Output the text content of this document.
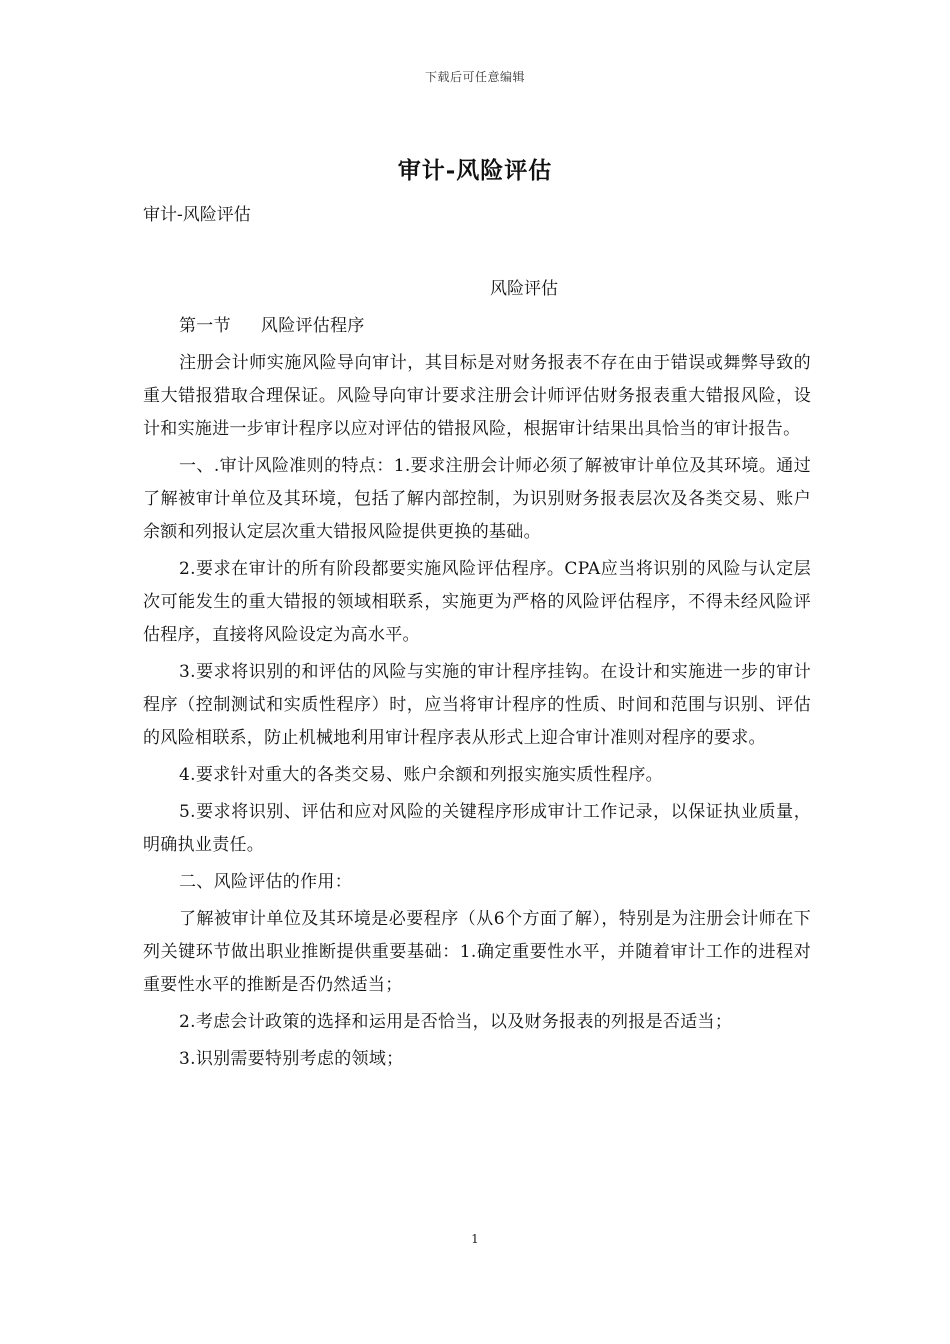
下载后可任意编辑
审计-风险评估
审计-风险评估
风险评估

第一节 风险评估程序

注册会计师实施风险导向审计，其目标是对财务报表不存在由于错误或舞弊导致的重大错报猎取合理保证。风险导向审计要求注册会计师评估财务报表重大错报风险，设计和实施进一步审计程序以应对评估的错报风险，根据审计结果出具恰当的审计报告。

一、.审计风险准则的特点：1.要求注册会计师必须了解被审计单位及其环境。通过了解被审计单位及其环境，包括了解内部控制，为识别财务报表层次及各类交易、账户余额和列报认定层次重大错报风险提供更换的基础。

2.要求在审计的所有阶段都要实施风险评估程序。CPA应当将识别的风险与认定层次可能发生的重大错报的领域相联系，实施更为严格的风险评估程序，不得未经风险评估程序，直接将风险设定为高水平。

3.要求将识别的和评估的风险与实施的审计程序挂钩。在设计和实施进一步的审计程序（控制测试和实质性程序）时，应当将审计程序的性质、时间和范围与识别、评估的风险相联系，防止机械地利用审计程序表从形式上迎合审计准则对程序的要求。

4.要求针对重大的各类交易、账户余额和列报实施实质性程序。

5.要求将识别、评估和应对风险的关键程序形成审计工作记录，以保证执业质量，明确执业责任。

二、风险评估的作用：

了解被审计单位及其环境是必要程序（从6个方面了解），特别是为注册会计师在下列关键环节做出职业推断提供重要基础：1.确定重要性水平，并随着审计工作的进程对重要性水平的推断是否仍然适当；

2.考虑会计政策的选择和运用是否恰当，以及财务报表的列报是否适当；

3.识别需要特别考虑的领域；

1
